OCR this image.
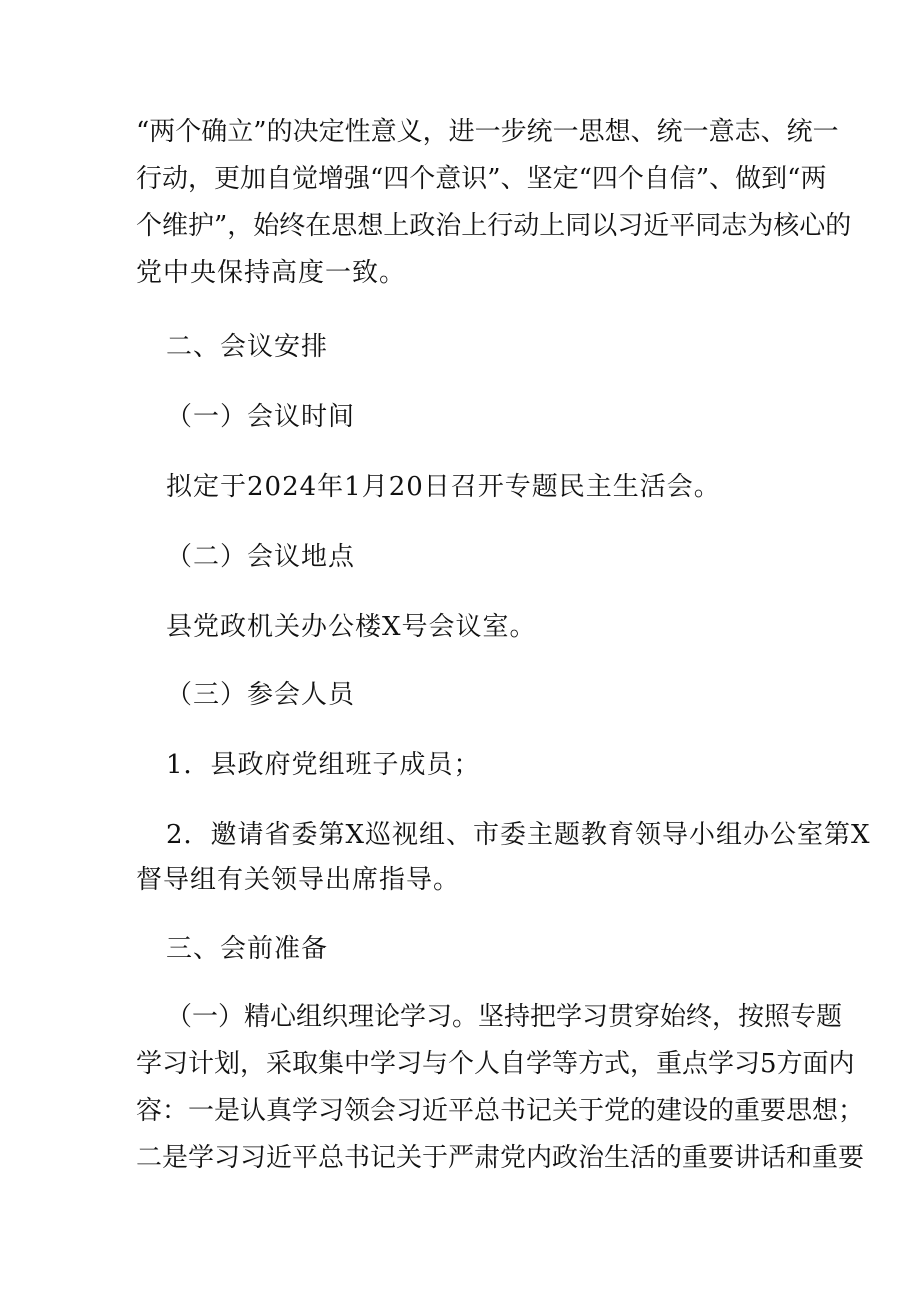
“两个确立”的决定性意义，进一步统一思想、统一意志、统一
行动，更加自觉增强“四个意识”、坚定“四个自信”、做到“两
个维护”，始终在思想上政治上行动上同以习近平同志为核心的
党中央保持高度一致。
二、会议安排
（一）会议时间
拟定于2024年1月20日召开专题民主生活会。
（二）会议地点
县党政机关办公楼X号会议室。
（三）参会人员
1．县政府党组班子成员；
2．邀请省委第X巡视组、市委主题教育领导小组办公室第X
督导组有关领导出席指导。
三、会前准备
（一）精心组织理论学习。坚持把学习贯穿始终，按照专题
学习计划，采取集中学习与个人自学等方式，重点学习5方面内
容：一是认真学习领会习近平总书记关于党的建设的重要思想；
二是学习习近平总书记关于严肃党内政治生活的重要讲话和重要
